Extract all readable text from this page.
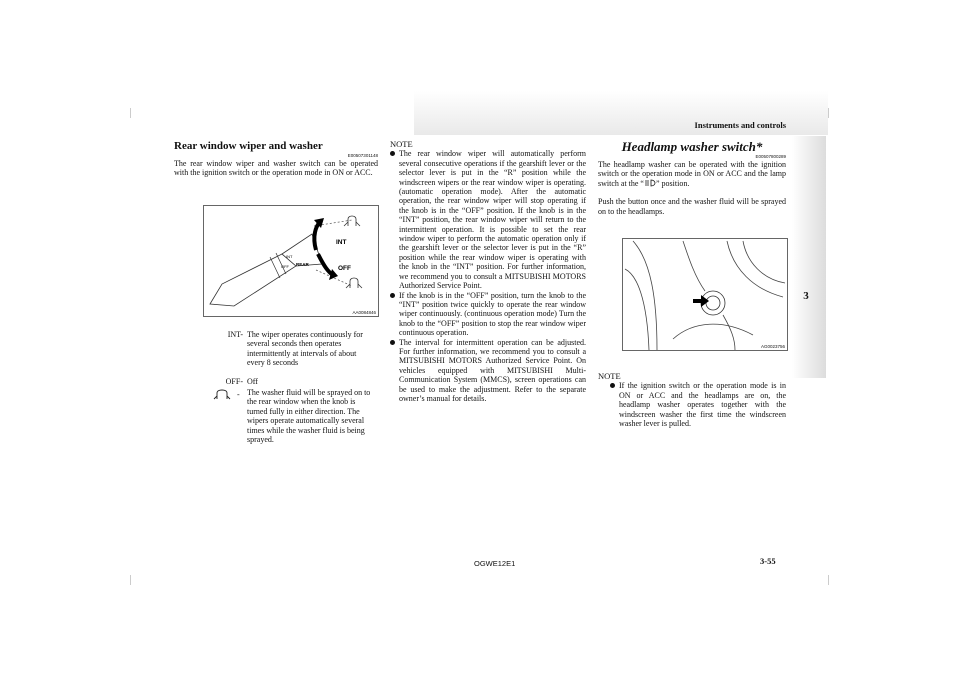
Instruments and controls
3
Rear window wiper and washer
E00507301148

The rear window wiper and washer switch can be operated with the ignition switch or the operation mode in ON or ACC.

INT
OFF REAR
INT
OFF
AA0084846
INT- The wiper operates continuously for several seconds then operates intermittently at intervals of about every 8 seconds
OFF- Off
- The washer fluid will be sprayed on to the rear window when the knob is turned fully in either direction. The wipers operate automatically several times while the washer fluid is being sprayed.
NOTE
The rear window wiper will automatically perform several consecutive operations if the gearshift lever or the selector lever is put in the “R” position while the windscreen wipers or the rear window wiper is operating. (automatic operation mode). After the automatic operation, the rear window wiper will stop operating if the knob is in the “OFF” position. If the knob is in the “INT” position, the rear window wiper will return to the intermittent operation. It is possible to set the rear window wiper to perform the automatic operation only if the gearshift lever or the selector lever is put in the “R” position while the rear window wiper is operating with the knob in the “INT” position. For further information, we recommend you to consult a MITSUBISHI MOTORS Authorized Service Point.
If the knob is in the “OFF” position, turn the knob to the “INT” position twice quickly to operate the rear window wiper continuously. (continuous operation mode) Turn the knob to the “OFF” position to stop the rear window wiper continuous operation.
The interval for intermittent operation can be adjusted. For further information, we recommend you to consult a MITSUBISHI MOTORS Authorized Service Point. On vehicles equipped with MITSUBISHI Multi-Communication System (MMCS), screen operations can be used to make the adjustment. Refer to the separate owner’s manual for details.
Headlamp washer switch*
E00507800289

The headlamp washer can be operated with the ignition switch or the operation mode in ON or ACC and the lamp switch at the “ ” position.

Push the button once and the washer fluid will be sprayed on to the headlamps.

AG0023756
NOTE
If the ignition switch or the operation mode is in ON or ACC and the headlamps are on, the headlamp washer operates together with the windscreen washer the first time the windscreen washer lever is pulled.
OGWE12E1	3-55
